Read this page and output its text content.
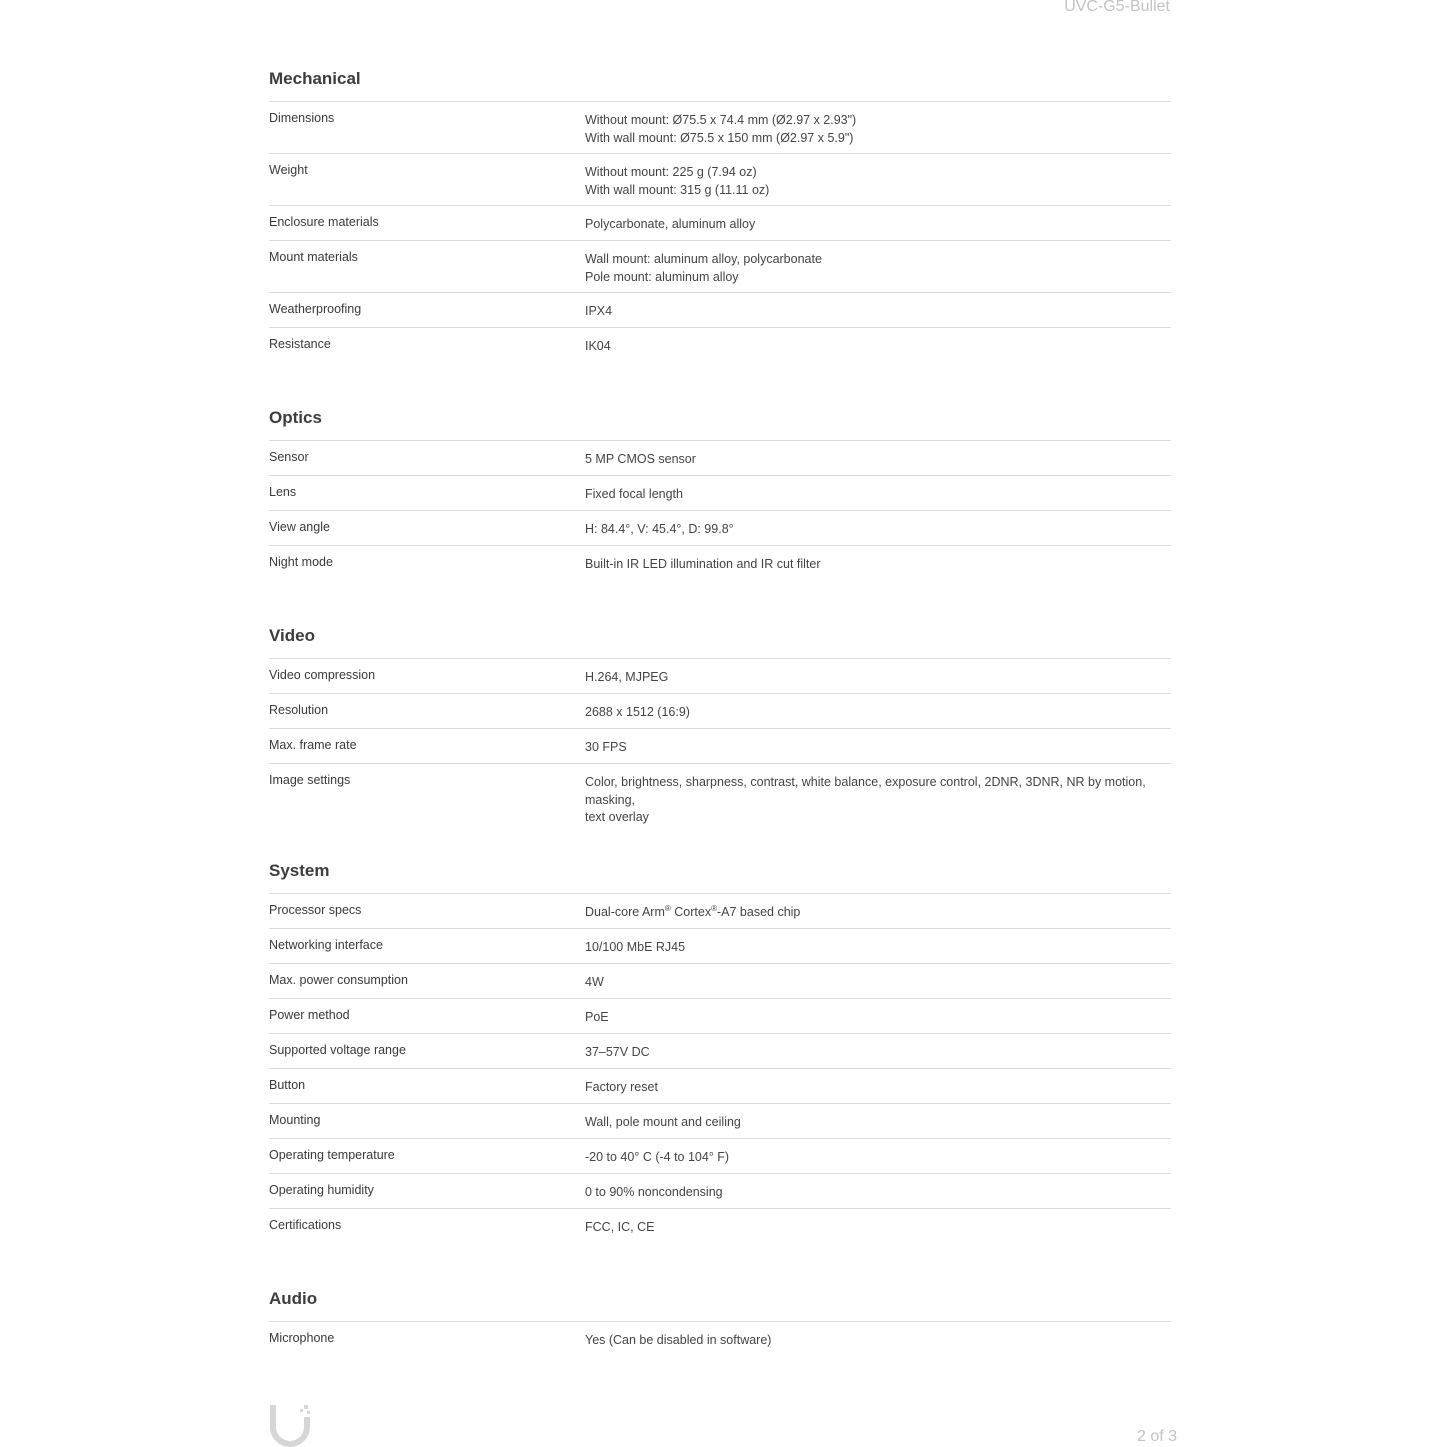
UVC-G5-Bullet
Mechanical
Dimensions	Without mount: Ø75.5 x 74.4 mm (Ø2.97 x 2.93")
With wall mount: Ø75.5 x 150 mm (Ø2.97 x 5.9")
Weight	Without mount: 225 g (7.94 oz)
With wall mount: 315 g (11.11 oz)
Enclosure materials	Polycarbonate, aluminum alloy
Mount materials	Wall mount: aluminum alloy, polycarbonate
Pole mount: aluminum alloy
Weatherproofing	IPX4
Resistance	IK04
Optics
Sensor	5 MP CMOS sensor
Lens	Fixed focal length
View angle	H: 84.4°, V: 45.4°, D: 99.8°
Night mode	Built-in IR LED illumination and IR cut filter
Video
Video compression	H.264, MJPEG
Resolution	2688 x 1512 (16:9)
Max. frame rate	30 FPS
Image settings	Color, brightness, sharpness, contrast, white balance, exposure control, 2DNR, 3DNR, NR by motion, masking,
text overlay
System
Processor specs	Dual-core Arm® Cortex®-A7 based chip
Networking interface	10/100 MbE RJ45
Max. power consumption	4W
Power method	PoE
Supported voltage range	37–57V DC
Button	Factory reset
Mounting	Wall, pole mount and ceiling
Operating temperature	-20 to 40° C (-4 to 104° F)
Operating humidity	0 to 90% noncondensing
Certifications	FCC, IC, CE
Audio
Microphone	Yes (Can be disabled in software)
2 of 3
